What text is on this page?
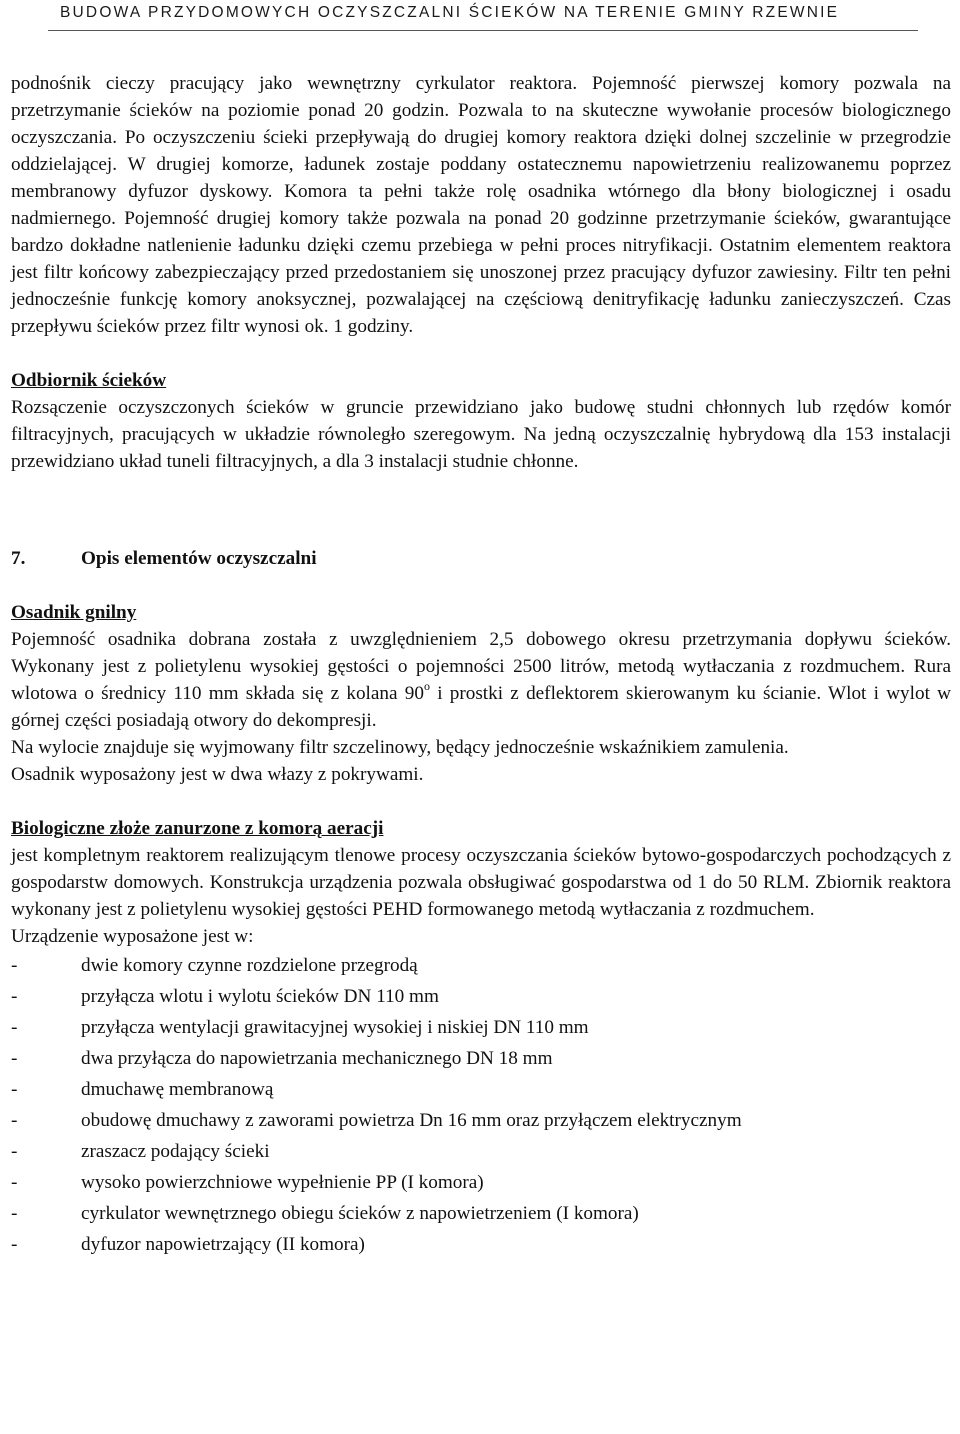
BUDOWA PRZYDOMOWYCH OCZYSZCZALNI ŚCIEKÓW NA TERENIE GMINY RZEWNIE

podnośnik cieczy pracujący jako wewnętrzny cyrkulator reaktora. Pojemność pierwszej komory pozwala na przetrzymanie ścieków na poziomie ponad 20 godzin. Pozwala to na skuteczne wywołanie procesów biologicznego oczyszczania. Po oczyszczeniu ścieki przepływają do drugiej komory reaktora dzięki dolnej szczelinie w przegrodzie oddzielającej. W drugiej komorze, ładunek zostaje poddany ostatecznemu napowietrzeniu realizowanemu poprzez membranowy dyfuzor dyskowy. Komora ta pełni także rolę osadnika wtórnego dla błony biologicznej i osadu nadmiernego. Pojemność drugiej komory także pozwala na ponad 20 godzinne przetrzymanie ścieków, gwarantujące bardzo dokładne natlenienie ładunku dzięki czemu przebiega w pełni proces nitryfikacji. Ostatnim elementem reaktora jest filtr końcowy zabezpieczający przed przedostaniem się unoszonej przez pracujący dyfuzor zawiesiny. Filtr ten pełni jednocześnie funkcję komory anoksycznej, pozwalającej na częściową denitryfikację ładunku zanieczyszczeń. Czas przepływu ścieków przez filtr wynosi ok. 1 godziny.

Odbiornik ścieków

Rozsączenie oczyszczonych ścieków w gruncie przewidziano jako budowę studni chłonnych lub rzędów komór filtracyjnych, pracujących w układzie równoległo szeregowym. Na jedną oczyszczalnię hybrydową dla 153 instalacji przewidziano układ tuneli filtracyjnych, a dla 3 instalacji studnie chłonne.

7.	Opis elementów oczyszczalni

Osadnik gnilny

Pojemność osadnika dobrana została z uwzględnieniem 2,5 dobowego okresu przetrzymania dopływu ścieków. Wykonany jest z polietylenu wysokiej gęstości o pojemności 2500 litrów, metodą wytłaczania z rozdmuchem. Rura wlotowa o średnicy 110 mm składa się z kolana 90$^o$ i prostki z deflektorem skierowanym ku ścianie. Wlot i wylot w górnej części posiadają otwory do dekompresji.

Na wylocie znajduje się wyjmowany filtr szczelinowy, będący jednocześnie wskaźnikiem zamulenia.

Osadnik wyposażony jest w dwa włazy z pokrywami.

Biologiczne złoże zanurzone z komorą aeracji

jest kompletnym reaktorem realizującym tlenowe procesy oczyszczania ścieków bytowo-gospodarczych pochodzących z gospodarstw domowych. Konstrukcja urządzenia pozwala obsługiwać gospodarstwa od 1 do 50 RLM. Zbiornik reaktora wykonany jest z polietylenu wysokiej gęstości PEHD formowanego metodą wytłaczania z rozdmuchem.

Urządzenie wyposażone jest w:

-	dwie komory czynne rozdzielone przegrodą
-	przyłącza wlotu i wylotu ścieków DN 110 mm
-	przyłącza wentylacji grawitacyjnej wysokiej i niskiej DN 110 mm
-	dwa przyłącza do napowietrzania mechanicznego DN 18 mm
-	dmuchawę membranową
-	obudowę dmuchawy z zaworami powietrza Dn 16 mm oraz przyłączem elektrycznym
-	zraszacz podający ścieki
-	wysoko powierzchniowe wypełnienie PP (I komora)
-	cyrkulator wewnętrznego obiegu ścieków z napowietrzeniem (I komora)
-	dyfuzor napowietrzający (II komora)
